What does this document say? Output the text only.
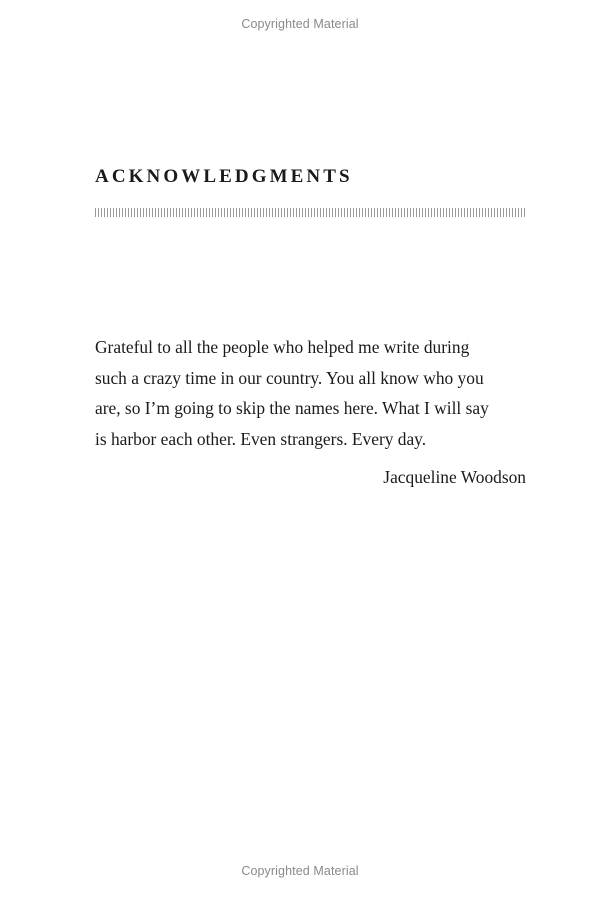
Copyrighted Material
ACKNOWLEDGMENTS

Grateful to all the people who helped me write during
such a crazy time in our country. You all know who you
are, so I’m going to skip the names here. What I will say
is harbor each other. Even strangers. Every day.

Jacqueline Woodson

Copyrighted Material
